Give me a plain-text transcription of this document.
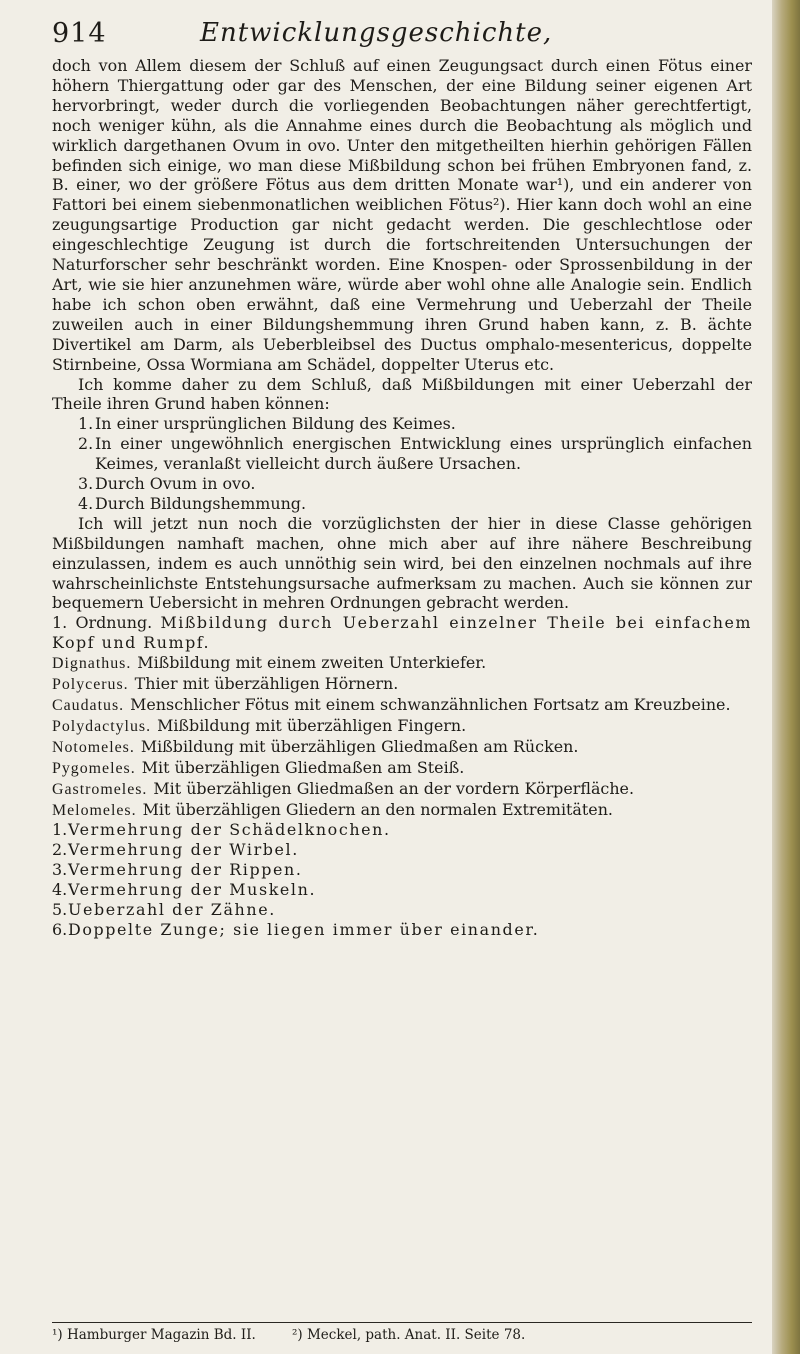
914	Entwicklungsgeschichte,

doch von Allem diesem der Schluß auf einen Zeugungsact durch einen Fötus einer höhern Thiergattung oder gar des Menschen, der eine Bildung seiner eigenen Art hervorbringt, weder durch die vorliegenden Beobachtungen näher gerechtfertigt, noch weniger kühn, als die Annahme eines durch die Beobachtung als möglich und wirklich dargethanen Ovum in ovo. Unter den mitgetheilten hierhin gehörigen Fällen befinden sich einige, wo man diese Mißbildung schon bei frühen Embryonen fand, z. B. einer, wo der größere Fötus aus dem dritten Monate war¹), und ein anderer von Fattori bei einem siebenmonatlichen weiblichen Fötus²). Hier kann doch wohl an eine zeugungsartige Production gar nicht gedacht werden. Die geschlechtlose oder eingeschlechtige Zeugung ist durch die fortschreitenden Untersuchungen der Naturforscher sehr beschränkt worden. Eine Knospen- oder Sprossenbildung in der Art, wie sie hier anzunehmen wäre, würde aber wohl ohne alle Analogie sein. Endlich habe ich schon oben erwähnt, daß eine Vermehrung und Ueberzahl der Theile zuweilen auch in einer Bildungshemmung ihren Grund haben kann, z. B. ächte Divertikel am Darm, als Ueberbleibsel des Ductus omphalo-mesentericus, doppelte Stirnbeine, Ossa Wormiana am Schädel, doppelter Uterus etc.

Ich komme daher zu dem Schluß, daß Mißbildungen mit einer Ueberzahl der Theile ihren Grund haben können:

1. In einer ursprünglichen Bildung des Keimes.
2. In einer ungewöhnlich energischen Entwicklung eines ursprünglich einfachen Keimes, veranlaßt vielleicht durch äußere Ursachen.
3. Durch Ovum in ovo.
4. Durch Bildungshemmung.

Ich will jetzt nun noch die vorzüglichsten der hier in diese Classe gehörigen Mißbildungen namhaft machen, ohne mich aber auf ihre nähere Beschreibung einzulassen, indem es auch unnöthig sein wird, bei den einzelnen nochmals auf ihre wahrscheinlichste Entstehungsursache aufmerksam zu machen. Auch sie können zur bequemern Uebersicht in mehren Ordnungen gebracht werden.

1. Ordnung. Mißbildung durch Ueberzahl einzelner Theile bei einfachem Kopf und Rumpf.

Dignathus. Mißbildung mit einem zweiten Unterkiefer.
Polycerus. Thier mit überzähligen Hörnern.
Caudatus. Menschlicher Fötus mit einem schwanzähnlichen Fortsatz am Kreuzbeine.
Polydactylus. Mißbildung mit überzähligen Fingern.
Notomeles. Mißbildung mit überzähligen Gliedmaßen am Rücken.
Pygomeles. Mit überzähligen Gliedmaßen am Steiß.
Gastromeles. Mit überzähligen Gliedmaßen an der vordern Körperfläche.
Melomeles. Mit überzähligen Gliedern an den normalen Extremitäten.
1.Vermehrung der Schädelknochen.
2.Vermehrung der Wirbel.
3.Vermehrung der Rippen.
4.Vermehrung der Muskeln.
5.Ueberzahl der Zähne.
6.Doppelte Zunge; sie liegen immer über einander.
¹) Hamburger Magazin Bd. II.	²) Meckel, path. Anat. II. Seite 78.
